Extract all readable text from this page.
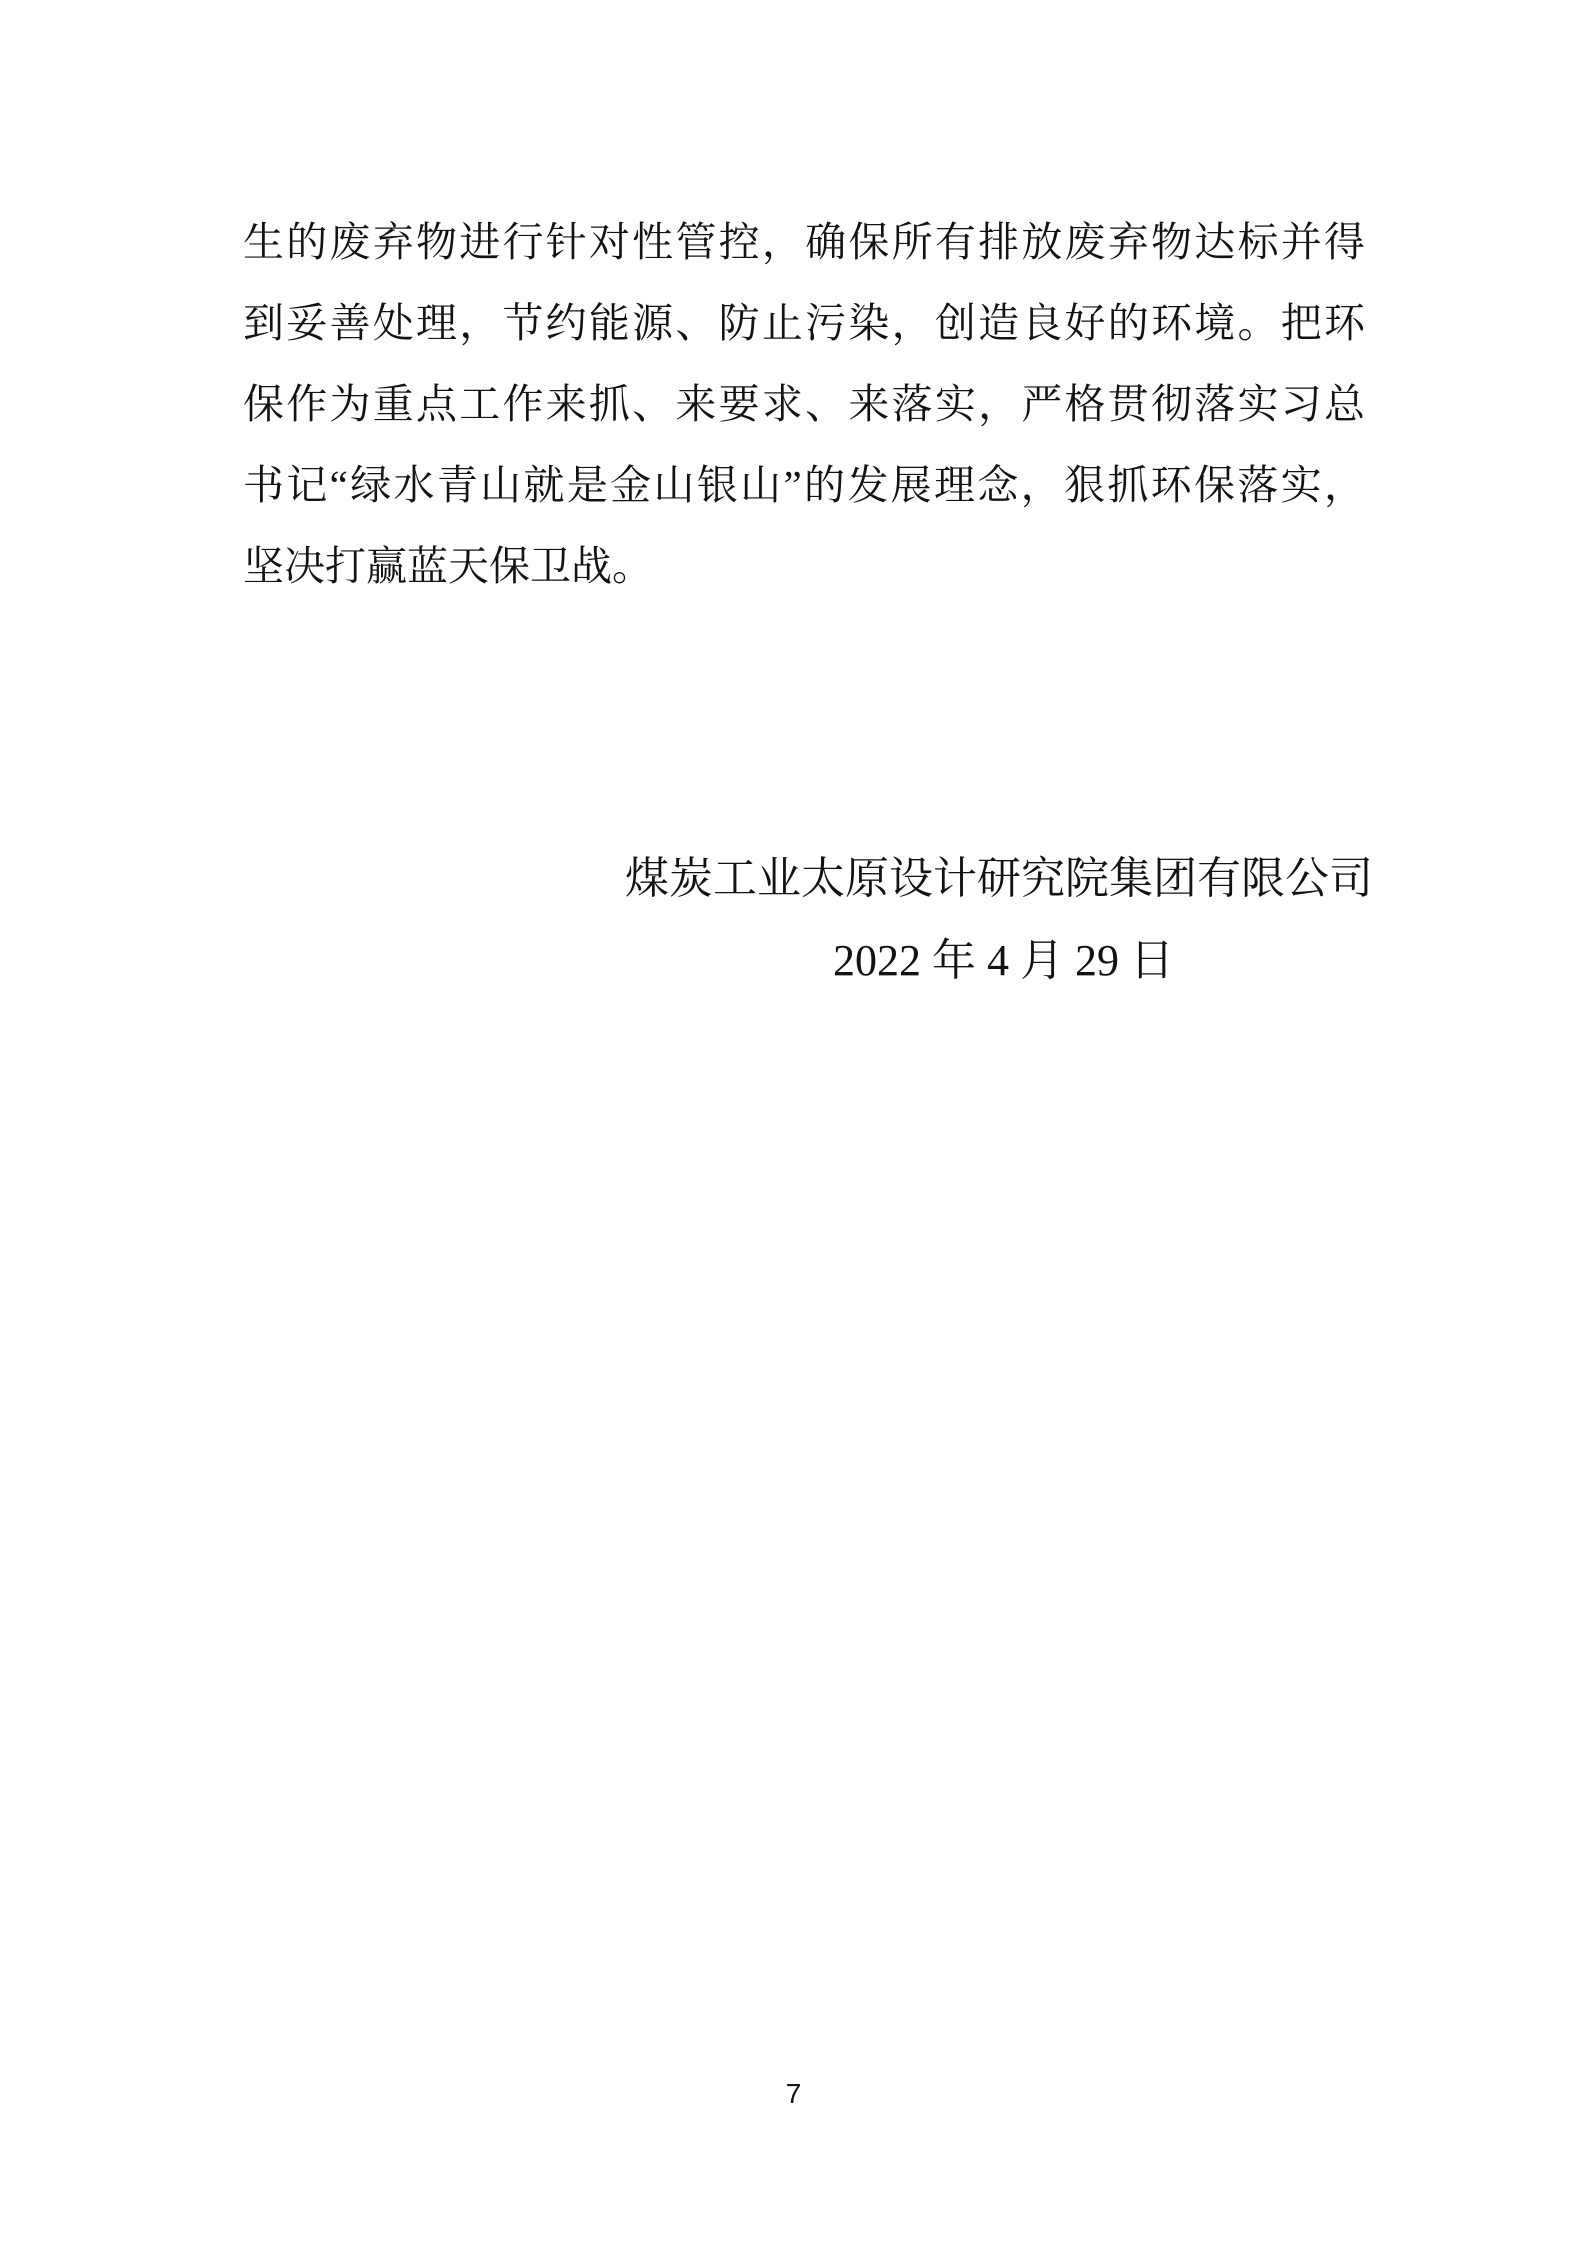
生的废弃物进行针对性管控，确保所有排放废弃物达标并得
到妥善处理，节约能源、防止污染，创造良好的环境。把环
保作为重点工作来抓、来要求、来落实，严格贯彻落实习总
书记“绿水青山就是金山银山”的发展理念，狠抓环保落实，
坚决打赢蓝天保卫战。
煤炭工业太原设计研究院集团有限公司
2022 年 4 月 29 日
7
